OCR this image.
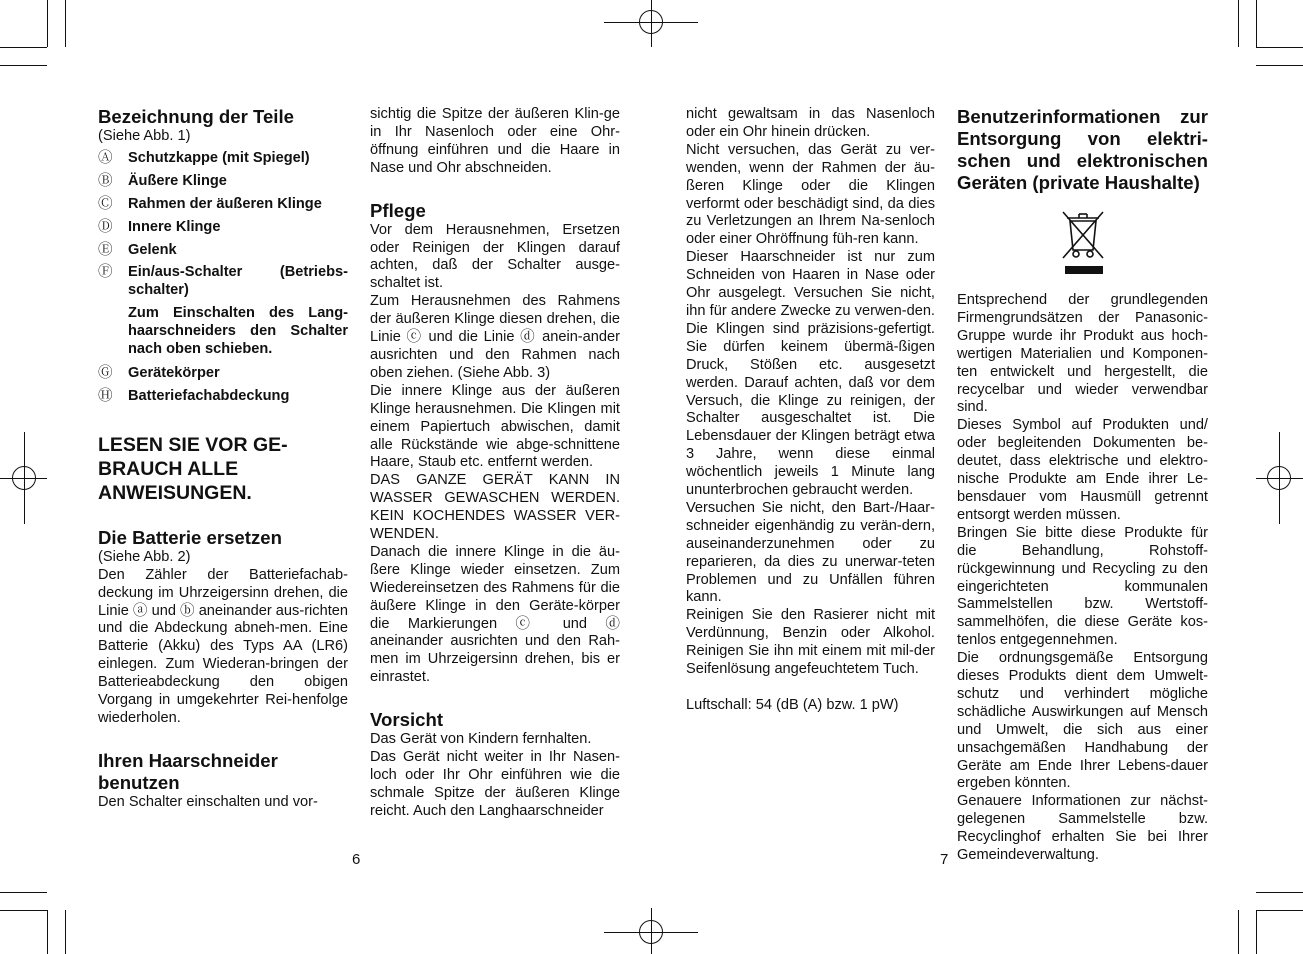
Bezeichnung der Teile

(Siehe Abb. 1)

Ⓐ	Schutzkappe (mit Spiegel)
Ⓑ	Äußere Klinge
Ⓒ	Rahmen der äußeren Klinge
Ⓓ	Innere Klinge
Ⓔ	Gelenk
Ⓕ	Ein/aus-Schalter (Betriebs-schalter)

Zum Einschalten des Lang-haarschneiders den Schalter nach oben schieben.

Ⓖ	Gerätekörper
Ⓗ	Batteriefachabdeckung
LESEN SIE VOR GE-BRAUCH ALLE ANWEISUNGEN.
Die Batterie ersetzen

(Siehe Abb. 2)

Den Zähler der Batteriefachab-deckung im Uhrzeigersinn drehen, die Linie ⓐ und ⓑ aneinander aus-richten und die Abdeckung abneh-men. Eine Batterie (Akku) des Typs AA (LR6) einlegen. Zum Wiederan-bringen der Batterieabdeckung den obigen Vorgang in umgekehrter Rei-henfolge wiederholen.

Ihren Haarschneider benutzen

Den Schalter einschalten und vor-

sichtig die Spitze der äußeren Klin-ge in Ihr Nasenloch oder eine Ohr-öffnung einführen und die Haare in Nase und Ohr abschneiden.

Pflege

Vor dem Herausnehmen, Ersetzen oder Reinigen der Klingen darauf achten, daß der Schalter ausge-schaltet ist.

Zum Herausnehmen des Rahmens der äußeren Klinge diesen drehen, die Linie ⓒ und die Linie ⓓ anein-ander ausrichten und den Rahmen nach oben ziehen. (Siehe Abb. 3)

Die innere Klinge aus der äußeren Klinge herausnehmen. Die Klingen mit einem Papiertuch abwischen, damit alle Rückstände wie abge-schnittene Haare, Staub etc. entfernt werden.

DAS GANZE GERÄT KANN IN WASSER GEWASCHEN WERDEN. KEIN KOCHENDES WASSER VER-WENDEN.

Danach die innere Klinge in die äu-ßere Klinge wieder einsetzen. Zum Wiedereinsetzen des Rahmens für die äußere Klinge in den Geräte-körper die Markierungen ⓒ und ⓓ aneinander ausrichten und den Rah-men im Uhrzeigersinn drehen, bis er einrastet.

Vorsicht

Das Gerät von Kindern fernhalten.

Das Gerät nicht weiter in Ihr Nasen-loch oder Ihr Ohr einführen wie die schmale Spitze der äußeren Klinge reicht. Auch den Langhaarschneider

6

nicht gewaltsam in das Nasenloch oder ein Ohr hinein drücken.

Nicht versuchen, das Gerät zu ver-wenden, wenn der Rahmen der äu-ßeren Klinge oder die Klingen verformt oder beschädigt sind, da dies zu Verletzungen an Ihrem Na-senloch oder einer Ohröffnung füh-ren kann.

Dieser Haarschneider ist nur zum Schneiden von Haaren in Nase oder Ohr ausgelegt. Versuchen Sie nicht, ihn für andere Zwecke zu verwen-den. Die Klingen sind präzisions-gefertigt. Sie dürfen keinem übermä-ßigen Druck, Stößen etc. ausgesetzt werden. Darauf achten, daß vor dem Versuch, die Klinge zu reinigen, der Schalter ausgeschaltet ist. Die Lebensdauer der Klingen beträgt etwa 3 Jahre, wenn diese einmal wöchentlich jeweils 1 Minute lang ununterbrochen gebraucht werden.

Versuchen Sie nicht, den Bart-/Haar-schneider eigenhändig zu verän-dern, auseinanderzunehmen oder zu reparieren, da dies zu unerwar-teten Problemen und zu Unfällen führen kann.

Reinigen Sie den Rasierer nicht mit Verdünnung, Benzin oder Alkohol. Reinigen Sie ihn mit einem mit mil-der Seifenlösung angefeuchtetem Tuch.

Luftschall: 54 (dB (A) bzw. 1 pW)

Benutzerinformationen zur Entsorgung von elektri-schen und elektronischen Geräten (private Haushalte)

Entsprechend der grundlegenden Firmengrundsätzen der Panasonic-Gruppe wurde ihr Produkt aus hoch-wertigen Materialien und Komponen-ten entwickelt und hergestellt, die recycelbar und wieder verwendbar sind.

Dieses Symbol auf Produkten und/ oder begleitenden Dokumenten be-deutet, dass elektrische und elektro-nische Produkte am Ende ihrer Le-bensdauer vom Hausmüll getrennt entsorgt werden müssen.

Bringen Sie bitte diese Produkte für die Behandlung, Rohstoff-rückgewinnung und Recycling zu den eingerichteten kommunalen Sammelstellen bzw. Wertstoff-sammelhöfen, die diese Geräte kos-tenlos entgegennehmen.

Die ordnungsgemäße Entsorgung dieses Produkts dient dem Umwelt-schutz und verhindert mögliche schädliche Auswirkungen auf Mensch und Umwelt, die sich aus einer unsachgemäßen Handhabung der Geräte am Ende Ihrer Lebens-dauer ergeben könnten.

Genauere Informationen zur nächst-gelegenen Sammelstelle bzw. Recyclinghof erhalten Sie bei Ihrer Gemeindeverwaltung.

7
